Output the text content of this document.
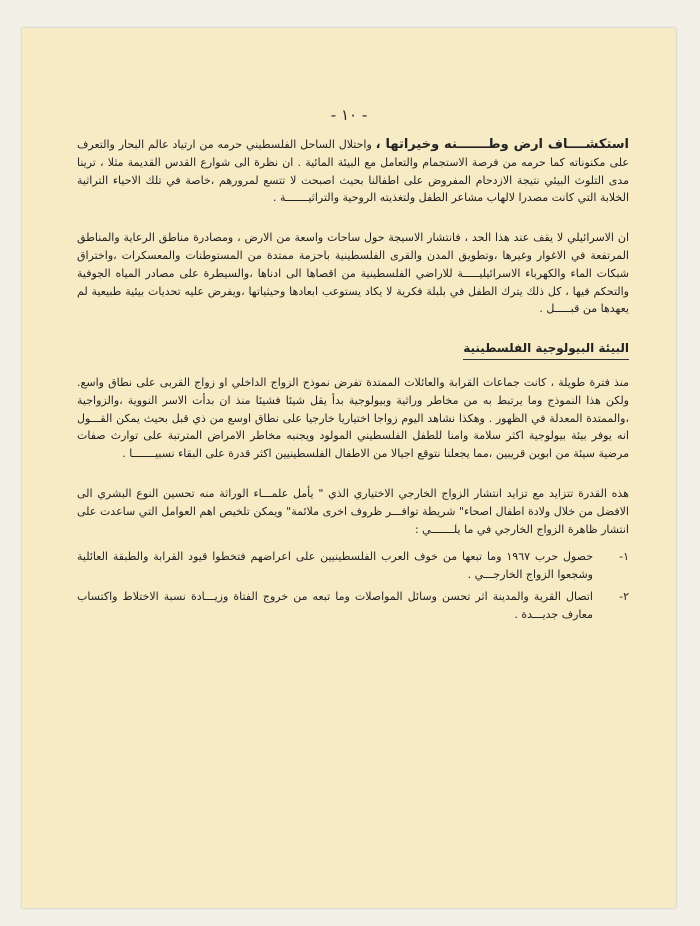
- ١٠ -

استكشــــاف ارض وطـــــــنه وخيراتها ، واحتلال الساحل الفلسطيني حرمه من ارتياد عالم البحار والتعرف على مكنوناته كما حرمه من فرصة الاستجمام والتعامل مع البيئة المائية . ان نظرة الى شوارع القدس القديمة مثلا ، ترينا مدى التلوث البيئي نتيجة الازدحام المفروض على اطفالنا بحيث اصبحت لا تتسع لمرورهم ،خاصة في تلك الاحياء التراثية الخلابة التي كانت مصدرا لالهاب مشاعر الطفل ولتغذيته الروحية والتراثيـــــــة .

ان الاسرائيلي لا يقف عند هذا الحد ، فانتشار الاسيجة حول ساحات واسعة من الارض ، ومصادرة مناطق الرعاية والمناطق المرتفعة في الاغوار وغيرها ،وتطويق المدن والقرى الفلسطينية باحزمة ممتدة من المستوطنات والمعسكرات ،واختراق شبكات الماء والكهرباء الاسرائيليـــــة للاراضي الفلسطينية من اقصاها الى ادناها ،والسيطرة على مصادر المياه الجوفية والتحكم فيها ، كل ذلك يترك الطفل في بلبلة فكرية لا يكاد يستوعب ابعادها وحيثياتها ،ويفرض عليه تحديات بيئية طبيعية لم يعهدها من قبـــــل .

البيئة البيولوجية الفلسطينية

منذ فترة طويلة ، كانت جماعات القرابة والعائلات الممتدة تفرض نموذج الزواج الداخلي او زواج القربى على نطاق واسع. ولكن هذا النموذج وما يرتبط به من مخاطر وراثية وبيولوجية بدأ يقل شيئا فشيئا منذ ان بدأت الاسر النووية ،والزواجية ،والممتدة المعدلة في الظهور . وهكذا نشاهد اليوم زواجا اختياريا خارجيا على نطاق اوسع من ذي قبل بحيث يمكن القـــول انه يوفر بيئة بيولوجية اكثر سلامة وامنا للطفل الفلسطيني المولود ويجنبه مخاطر الامراض المترتبة على توارث صفات مرضية سيئة من ابوين قريبين ،مما يجعلنا نتوقع اجيالا من الاطفال الفلسطينيين اكثر قدرة على البقاء نسبيـــــــا .

هذه القدرة تتزايد مع تزايد انتشار الزواج الخارجي الاختياري الذي " يأمل علمـــاء الوراثة منه تحسين النوع البشري الى الافضل من خلال ولادة اطفال اصحاء" شريطة توافـــر ظروف اخرى ملائمة" ويمكن تلخيص اهم العوامل التي ساعدت على انتشار ظاهرة الزواج الخارجي في ما يلـــــــي :

١-
حصول حرب ١٩٦٧ وما تبعها من خوف العرب الفلسطينيين على اعراضهم فتخطوا قيود القرابة والطبقة العائلية وشجعوا الزواج الخارجـــي .
٢-
اتصال القرية والمدينة اثر تحسن وسائل المواصلات وما تبعه من خروج الفتاة وزيـــادة نسبة الاختلاط واكتساب معارف جديـــدة .
